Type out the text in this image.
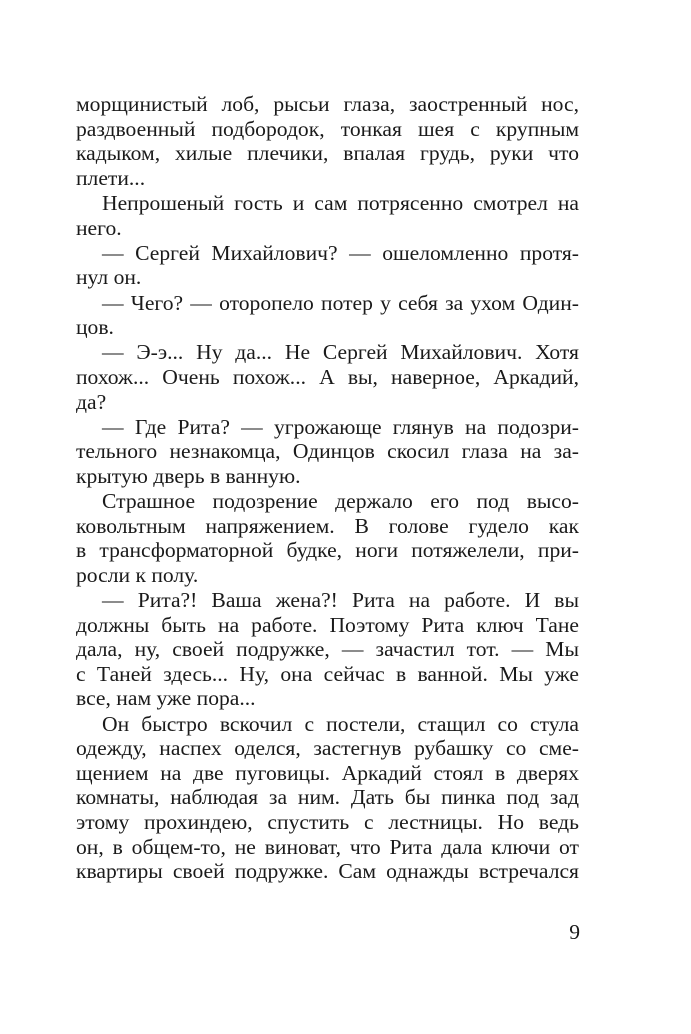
морщинистый лоб, рысьи глаза, заостренный нос,
раздвоенный подбородок, тонкая шея с крупным
кадыком, хилые плечики, впалая грудь, руки что
плети...
Непрошеный гость и сам потрясенно смотрел на
него.
— Сергей Михайлович? — ошеломленно протя-
нул он.
— Чего? — оторопело потер у себя за ухом Один-
цов.
— Э-э... Ну да... Не Сергей Михайлович. Хотя
похож... Очень похож... А вы, наверное, Аркадий,
да?
— Где Рита? — угрожающе глянув на подозри-
тельного незнакомца, Одинцов скосил глаза на за-
крытую дверь в ванную.
Страшное подозрение держало его под высо-
ковольтным напряжением. В голове гудело как
в трансформаторной будке, ноги потяжелели, при-
росли к полу.
— Рита?! Ваша жена?! Рита на работе. И вы
должны быть на работе. Поэтому Рита ключ Тане
дала, ну, своей подружке, — зачастил тот. — Мы
с Таней здесь... Ну, она сейчас в ванной. Мы уже
все, нам уже пора...
Он быстро вскочил с постели, стащил со стула
одежду, наспех оделся, застегнув рубашку со сме-
щением на две пуговицы. Аркадий стоял в дверях
комнаты, наблюдая за ним. Дать бы пинка под зад
этому прохиндею, спустить с лестницы. Но ведь
он, в общем-то, не виноват, что Рита дала ключи от
квартиры своей подружке. Сам однажды встречался
9
